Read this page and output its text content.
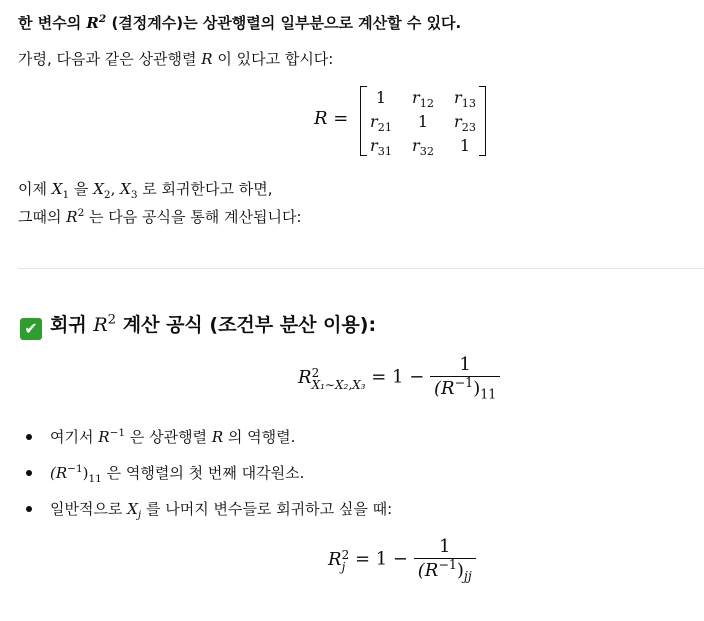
한 변수의 $R^2$ (결정계수)는 상관행렬의 일부분으로 계산할 수 있다.
가령, 다음과 같은 상관행렬 R 이 있다고 합시다:
R =
1	$r_{12}$	$r_{13}$
$r_{21}$	1	$r_{23}$
$r_{31}$	$r_{32}$	1
이제 $X_1$ 을 $X_2$, $X_3$ 로 회귀한다고 하면,
그때의 $R^2$ 는 다음 공식을 통해 계산됩니다:
✔ 회귀 $R^2$ 계산 공식 (조건부 분산 이용):
R 2
X₁∼X₂,X₃ = $1 - \frac{1}{(R^{-1})_{11}}$
여기서 $R^{-1}$ 은 상관행렬 R 의 역행렬.
$(R^{-1})_{11}$ 은 역행렬의 첫 번째 대각원소.
일반적으로 $X_j$ 를 나머지 변수들로 회귀하고 싶을 때:
R 2
$j = 1 - \frac{1}{(R^{-1})_{jj}}$
